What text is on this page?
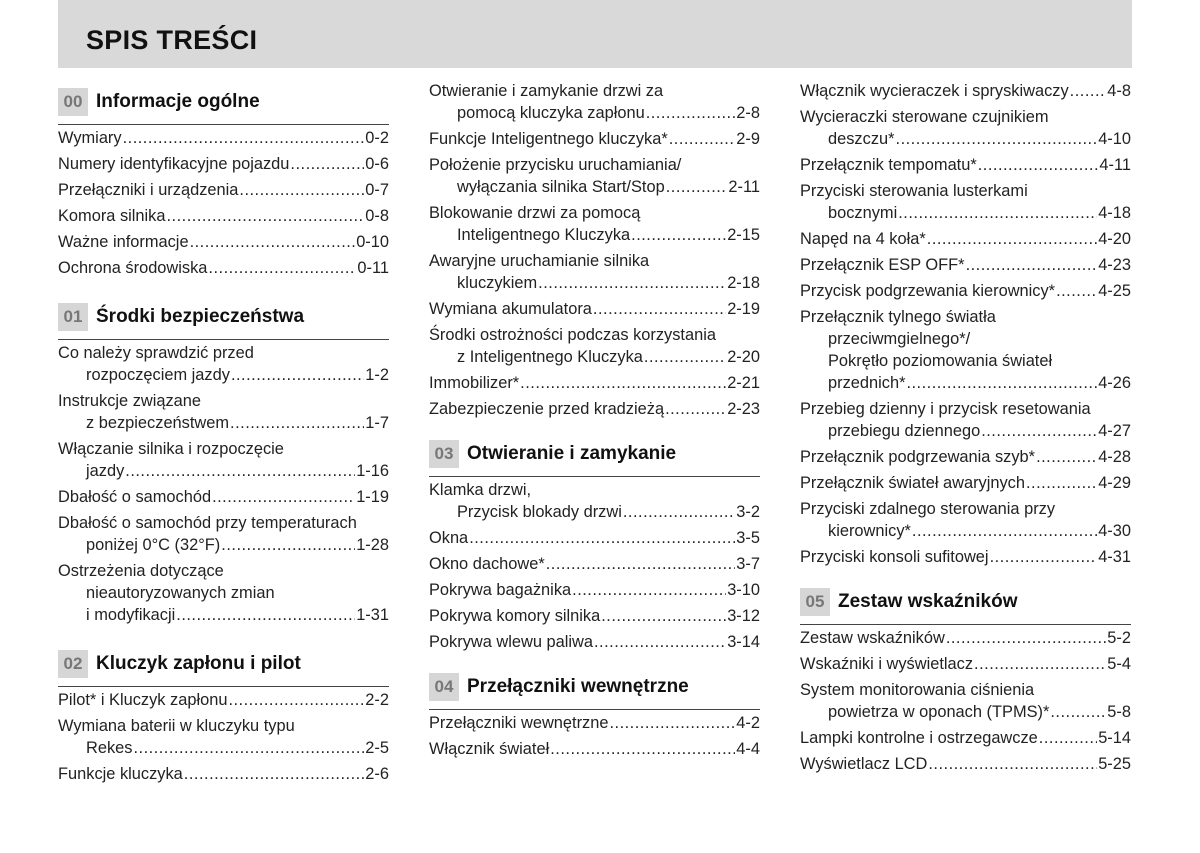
SPIS TREŚCI
00 Informacje ogólne
Wymiary .....	0-2
Numery identyfikacyjne pojazdu .....	0-6
Przełączniki i urządzenia .....	0-7
Komora silnika .....	0-8
Ważne informacje .....	0-10
Ochrona środowiska .....	0-11
01 Środki bezpieczeństwa
Co należy sprawdzić przed
rozpoczęciem jazdy .....	1-2
Instrukcje związane
z bezpieczeństwem .....	1-7
Włączanie silnika i rozpoczęcie
jazdy .....	1-16
Dbałość o samochód .....	1-19
Dbałość o samochód przy temperaturach
poniżej 0°C (32°F) .....	1-28
Ostrzeżenia dotyczące
nieautoryzowanych zmian
i modyfikacji .....	1-31
02 Kluczyk zapłonu i pilot
Pilot* i Kluczyk zapłonu .....	2-2
Wymiana baterii w kluczyku typu
Rekes .....	2-5
Funkcje kluczyka .....	2-6
Otwieranie i zamykanie drzwi za
pomocą kluczyka zapłonu .....	2-8
Funkcje Inteligentnego kluczyka* .....	2-9
Położenie przycisku uruchamiania/
wyłączania silnika Start/Stop .....	2-11
Blokowanie drzwi za pomocą
Inteligentnego Kluczyka .....	2-15
Awaryjne uruchamianie silnika
kluczykiem .....	2-18
Wymiana akumulatora .....	2-19
Środki ostrożności podczas korzystania
z Inteligentnego Kluczyka .....	2-20
Immobilizer* .....	2-21
Zabezpieczenie przed kradzieżą .....	2-23
03 Otwieranie i zamykanie
Klamka drzwi,
Przycisk blokady drzwi .....	3-2
Okna .....	3-5
Okno dachowe* .....	3-7
Pokrywa bagażnika .....	3-10
Pokrywa komory silnika .....	3-12
Pokrywa wlewu paliwa .....	3-14
04 Przełączniki wewnętrzne
Przełączniki wewnętrzne .....	4-2
Włącznik świateł .....	4-4
Włącznik wycieraczek i spryskiwaczy ..... 4-8
Wycieraczki sterowane czujnikiem
deszczu* .....	4-10
Przełącznik tempomatu* .....	4-11
Przyciski sterowania lusterkami
bocznymi .....	4-18
Napęd na 4 koła* .....	4-20
Przełącznik ESP OFF* .....	4-23
Przycisk podgrzewania kierownicy* .....	4-25
Przełącznik tylnego światła
przeciwmgielnego*/
Pokrętło poziomowania świateł
przednich* .....	4-26
Przebieg dzienny i przycisk resetowania
przebiegu dziennego .....	4-27
Przełącznik podgrzewania szyb* .....	4-28
Przełącznik świateł awaryjnych .....	4-29
Przyciski zdalnego sterowania przy
kierownicy* .....	4-30
Przyciski konsoli sufitowej .....	4-31
05 Zestaw wskaźników
Zestaw wskaźników .....	5-2
Wskaźniki i wyświetlacz .....	5-4
System monitorowania ciśnienia
powietrza w oponach (TPMS)* .....	5-8
Lampki kontrolne i ostrzegawcze .....	5-14
Wyświetlacz LCD .....	5-25
